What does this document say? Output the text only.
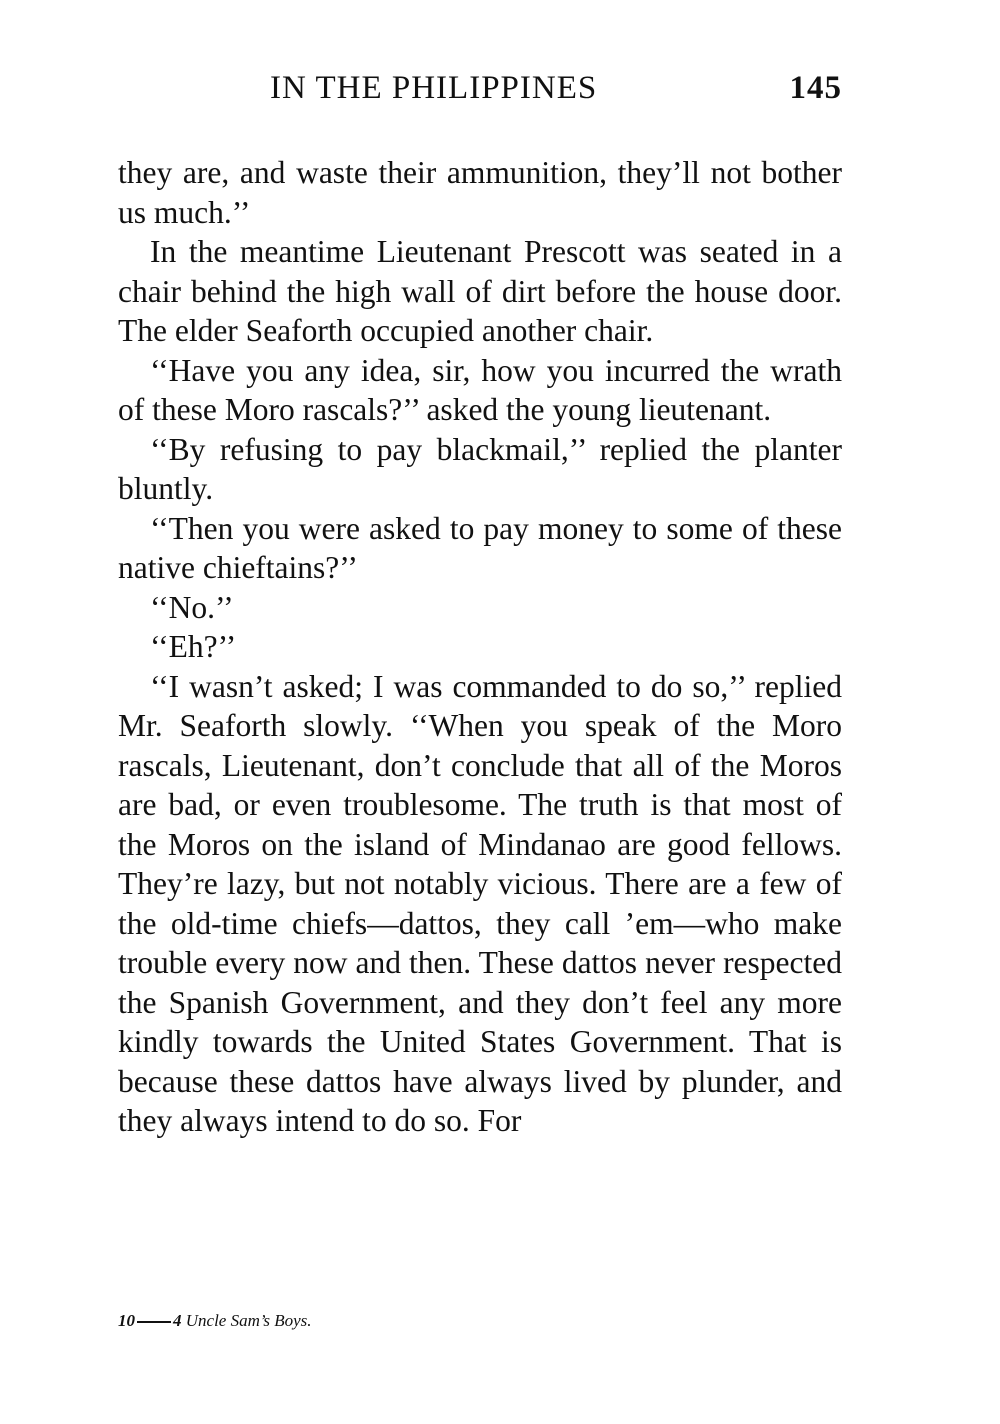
IN THE PHILIPPINES	145

they are, and waste their ammunition, they’ll not bother us much.’’

In the meantime Lieutenant Prescott was seated in a chair behind the high wall of dirt before the house door. The elder Seaforth occupied another chair.

‘‘Have you any idea, sir, how you incurred the wrath of these Moro rascals?’’ asked the young lieutenant.

‘‘By refusing to pay blackmail,’’ replied the planter bluntly.

‘‘Then you were asked to pay money to some of these native chieftains?’’

‘‘No.’’

‘‘Eh?’’

‘‘I wasn’t asked; I was commanded to do so,’’ replied Mr. Seaforth slowly. ‘‘When you speak of the Moro rascals, Lieutenant, don’t conclude that all of the Moros are bad, or even troublesome. The truth is that most of the Moros on the island of Mindanao are good fellows. They’re lazy, but not notably vicious. There are a few of the old-time chiefs—dattos, they call ’em—who make trouble every now and then. These dattos never respected the Spanish Government, and they don’t feel any more kindly towards the United States Government. That is because these dattos have always lived by plunder, and they always intend to do so. For

10 4 Uncle Sam’s Boys.
